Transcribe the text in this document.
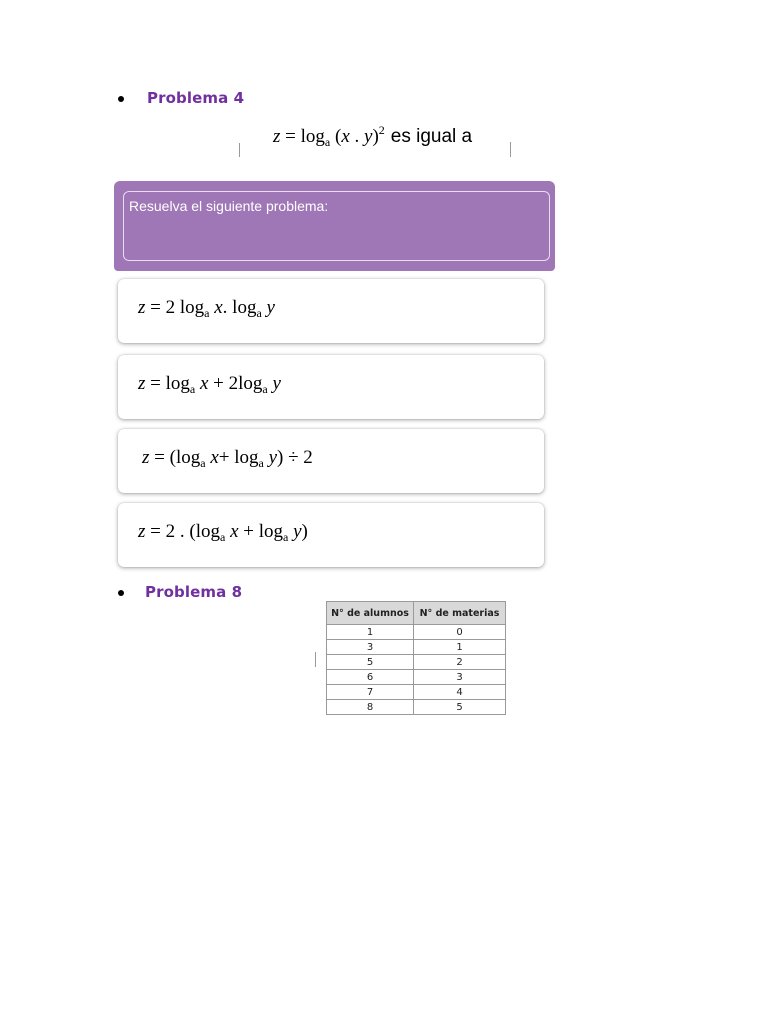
Problema 4
$z = \log_a (x$ . y)$^2$ es igual a
Resuelva el siguiente problema:
z = 2 $\log_a x$. $\log_a y$
$z = \log_a x + 2\log_a$ y
$z = (\log_a$ $x+ \log_a y) \div 2$
z = 2 . ($\log_a$ $x + \log_a y$)
Problema 8
N° de alumnos	N° de materias
1	0
3	1
5	2
6	3
7	4
8	5
